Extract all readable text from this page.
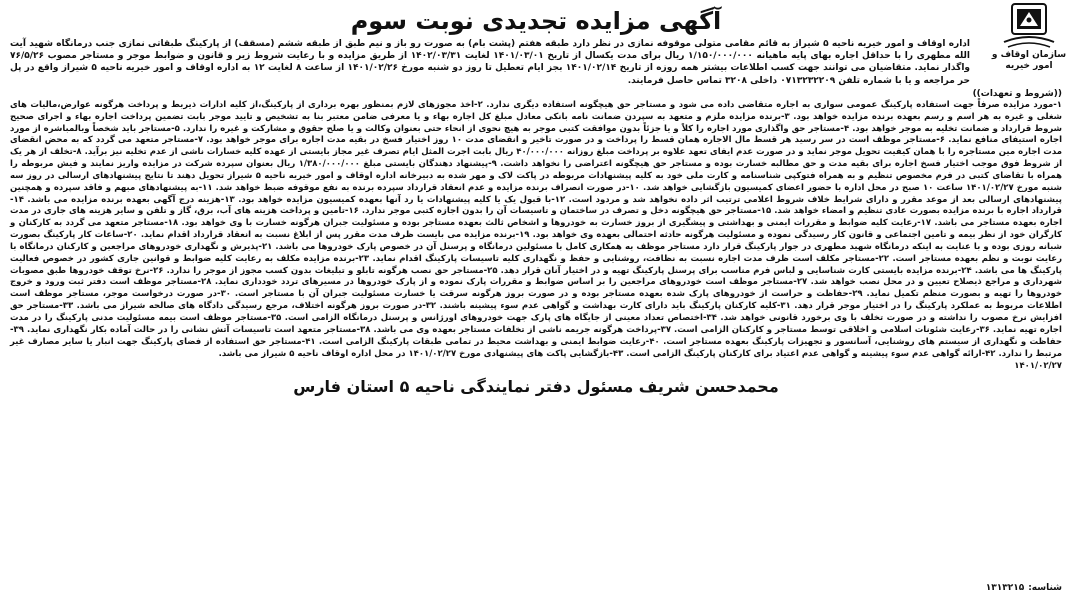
سازمان اوقاف و امور خیریه
آگهی مزایده تجدیدی نوبت سوم
اداره اوقاف و امور خیریه ناحیه ۵ شیراز به قائم مقامی متولی موقوفه نمازی در نظر دارد طبقه هفتم (پشت بام) به صورت رو باز و نیم طبق از طبقه ششم (مسقف) از پارکینگ طبقاتی نمازی جنب درمانگاه شهید آیت الله مطهری را با حداقل اجاره بهای پایه ماهیانه ۱/۱۵۰/۰۰۰/۰۰۰ ریال برای مدت یکسال از تاریخ ۱۴۰۱/۰۳/۰۱ لغایت ۱۴۰۲/۰۳/۳۱ از طریق مزایده و با رعایت شروط زیر و قانون و ضوابط موجر و مستاجر مصوب ۷۶/۵/۲۶ واگذار نماید. متقاضیان می توانند جهت کسب اطلاعات بیشتر همه روزه از تاریخ ۱۴۰۱/۰۲/۱۴ بجز ایام تعطیل تا روز دو شنبه مورخ ۱۴۰۱/۰۲/۲۶ از ساعت ۸ لغایت ۱۲ به اداره اوقاف و امور خیریه ناحیه ۵ شیراز واقع در پل حر مراجعه و یا با شماره تلفن ۰۷۱۳۲۳۲۲۰۹ داخلی ۳۲۰۸ تماس حاصل فرمایند.
((شروط و تعهدات))
۱-مورد مزایده صرفاً جهت استفاده پارکینگ عمومی سواری به اجاره متقاضی داده می شود و مستاجر حق هیچگونه استفاده دیگری ندارد. ۲-اخذ مجوزهای لازم بمنظور بهره برداری از پارکینگ،از کلیه ادارات ذیربط و پرداخت هرگونه عوارض،مالیات های شغلی و غیره به هر اسم و رسم بعهده برنده مزایده خواهد بود. ۳-برنده مزایده ملزم و متعهد به سپردن ضمانت نامه بانکی معادل مبلغ کل اجاره بهاء و یا معرفی ضامن معتبر بنا به تشخیص و تایید موجر بابت تضمین پرداخت اجاره بهاء و اجرای صحیح شروط قرارداد و ضمانت تخلیه به موجر خواهد بود. ۴-مستاجر حق واگذاری مورد اجاره را کلاً و یا جزئاً بدون موافقت کتبی موجر به هیچ نحوی از انحاء حتی بعنوان وکالت و یا صلح حقوق و مشارکت و غیره را ندارد. ۵-مستاجر باید شخصاً وبالمباشره از مورد اجاره استیفای منافع نماید. ۶-مستاجر موظف است در سر رسید هر قسط مال الاجاره همان قسط را پرداخت و در صورت تاخیر و انقضای مدت ۱۰ روز اختیار فسخ در بقیه مدت اجاره برای موجر خواهد بود. ۷-مستاجر متعهد می گردد که به محض انقضای مدت اجاره مین مستاجره را با همان کیفیت تحویل موجر نماید و در صورت عدم ایفای تعهد علاوه بر پرداخت مبلغ روزانه ۴۰/۰۰۰/۰۰۰ ریال بابت اجرت المثل ایام تصرف غیر مجاز بایستی از عهده کلیه خسارات ناشی از عدم تخلیه نیز برآید. ۸-تخلف از هر یک از شروط فوق موجب اختیار فسخ اجاره برای بقیه مدت و حق مطالبه خسارت بوده و مستاجر حق هیچگونه اعتراضی را نخواهد داشت. ۹-پیشنهاد دهندگان بایستی مبلغ ۱/۳۸۰/۰۰۰/۰۰۰ ریال بعنوان سپرده شرکت در مزایده واریز نمایند و فیش مربوطه را همراه با تقاضای کتبی در فرم مخصوص تنظیم و به همراه فتوکپی شناسنامه و کارت ملی خود به کلیه پیشنهادات مربوطه در پاکت لاک و مهر شده به دبیرخانه اداره اوقاف و امور خیریه ناحیه ۵ شیراز تحویل دهند تا نتایج پیشنهادهای ارسالی در روز سه شنبه مورخ ۱۴۰۱/۰۲/۲۷ ساعت ۱۰ صبح در محل اداره با حضور اعضای کمیسیون بازگشایی خواهد شد. ۱۰-در صورت انصراف برنده مزایده و عدم انعقاد قرارداد سپرده برنده به نفع موقوفه ضبط خواهد شد. ۱۱-به پیشنهادهای مبهم و فاقد سپرده و همچنین پیشنهادهای ارسالی بعد از موعد مقرر و دارای شرایط خلاف شروط اعلامی ترتیب اثر داده نخواهد شد و مردود است. ۱۲-با قبول یک یا کلیه پیشنهادات یا رد آنها بعهده کمیسیون مزایده خواهد بود. ۱۳-هزینه درج آگهی بعهده برنده مزایده می باشد. ۱۴-قرارداد اجاره با برنده مزایده بصورت عادی تنظیم و امضاء خواهد شد. ۱۵-مستاجر حق هیچگونه دخل و تصرف در ساختمان و تاسیسات آن را بدون اجازه کتبی موجر ندارد. ۱۶-تامین و پرداخت هزینه های آب، برق، گاز و تلفن و سایر هزینه های جاری در مدت اجاره بعهده مستاجر می باشد. ۱۷-رعایت کلیه ضوابط و مقررات ایمنی و بهداشتی و پیشگیری از بروز خسارت به خودروها و اشخاص ثالث بعهده مستاجر بوده و مسئولیت جبران هرگونه خسارت با وی خواهد بود. ۱۸-مستاجر متعهد می گردد به کارکنان و کارگران خود از نظر بیمه و تامین اجتماعی و قانون کار رسیدگی نموده و مسئولیت هرگونه حادثه احتمالی بعهده وی خواهد بود. ۱۹-برنده مزایده می بایست ظرف مدت مقرر پس از ابلاغ نسبت به انعقاد قرارداد اقدام نماید. ۲۰-ساعات کار پارکینگ بصورت شبانه روزی بوده و با عنایت به اینکه درمانگاه شهید مطهری در جوار پارکینگ قرار دارد مستاجر موظف به همکاری کامل با مسئولین درمانگاه و پرسنل آن در خصوص پارک خودروها می باشد. ۲۱-پذیرش و نگهداری خودروهای مراجعین و کارکنان درمانگاه با رعایت نوبت و نظم بعهده مستاجر است. ۲۲-مستاجر مکلف است ظرف مدت اجاره نسبت به نظافت، روشنایی و حفظ و نگهداری کلیه تاسیسات پارکینگ اقدام نماید. ۲۳-برنده مزایده مکلف به رعایت کلیه ضوابط و قوانین جاری کشور در خصوص فعالیت پارکینگ ها می باشد. ۲۴-برنده مزایده بایستی کارت شناسایی و لباس فرم مناسب برای پرسنل پارکینگ تهیه و در اختیار آنان قرار دهد. ۲۵-مستاجر حق نصب هرگونه تابلو و تبلیغات بدون کسب مجوز از موجر را ندارد. ۲۶-نرخ توقف خودروها طبق مصوبات شهرداری و مراجع ذیصلاح تعیین و در محل نصب خواهد شد. ۲۷-مستاجر موظف است خودروهای مراجعین را بر اساس ضوابط و مقررات پارک نموده و از پارک خودروها در مسیرهای تردد خودداری نماید. ۲۸-مستاجر موظف است دفتر ثبت ورود و خروج خودروها را تهیه و بصورت منظم تکمیل نماید. ۲۹-حفاظت و حراست از خودروهای پارک شده بعهده مستاجر بوده و در صورت بروز هرگونه سرقت یا خسارت مسئولیت جبران آن با مستاجر است. ۳۰-در صورت درخواست موجر، مستاجر موظف است اطلاعات مربوط به عملکرد پارکینگ را در اختیار موجر قرار دهد. ۳۱-کلیه کارکنان پارکینگ باید دارای کارت بهداشت و گواهی عدم سوء پیشینه باشند. ۳۲-در صورت بروز هرگونه اختلاف، مرجع رسیدگی دادگاه های صالحه شیراز می باشد. ۳۳-مستاجر حق افزایش نرخ مصوب را نداشته و در صورت تخلف با وی برخورد قانونی خواهد شد. ۳۴-اختصاص تعداد معینی از جایگاه های پارک جهت خودروهای اورژانس و پرسنل درمانگاه الزامی است. ۳۵-مستاجر موظف است بیمه مسئولیت مدنی پارکینگ را در مدت اجاره تهیه نماید. ۳۶-رعایت شئونات اسلامی و اخلاقی توسط مستاجر و کارکنان الزامی است. ۳۷-پرداخت هرگونه جریمه ناشی از تخلفات مستاجر بعهده وی می باشد. ۳۸-مستاجر متعهد است تاسیسات آتش نشانی را در حالت آماده بکار نگهداری نماید. ۳۹-حفاظت و نگهداری از سیستم های روشنایی، آسانسور و تجهیزات پارکینگ بعهده مستاجر است. ۴۰-رعایت ضوابط ایمنی و بهداشت محیط در تمامی طبقات پارکینگ الزامی است. ۴۱-مستاجر حق استفاده از فضای پارکینگ جهت انبار یا سایر مصارف غیر مرتبط را ندارد. ۴۲-ارائه گواهی عدم سوء پیشینه و گواهی عدم اعتیاد برای کارکنان پارکینگ الزامی است. ۴۳-بازگشایی پاکت های پیشنهادی مورخ ۱۴۰۱/۰۲/۲۷ در محل اداره اوقاف ناحیه ۵ شیراز می باشد.
۱۴۰۱/۰۲/۲۷
محمدحسن شریف مسئول دفتر نمایندگی ناحیه ۵ استان فارس
شناسه:۱۳۱۳۲۱۵
